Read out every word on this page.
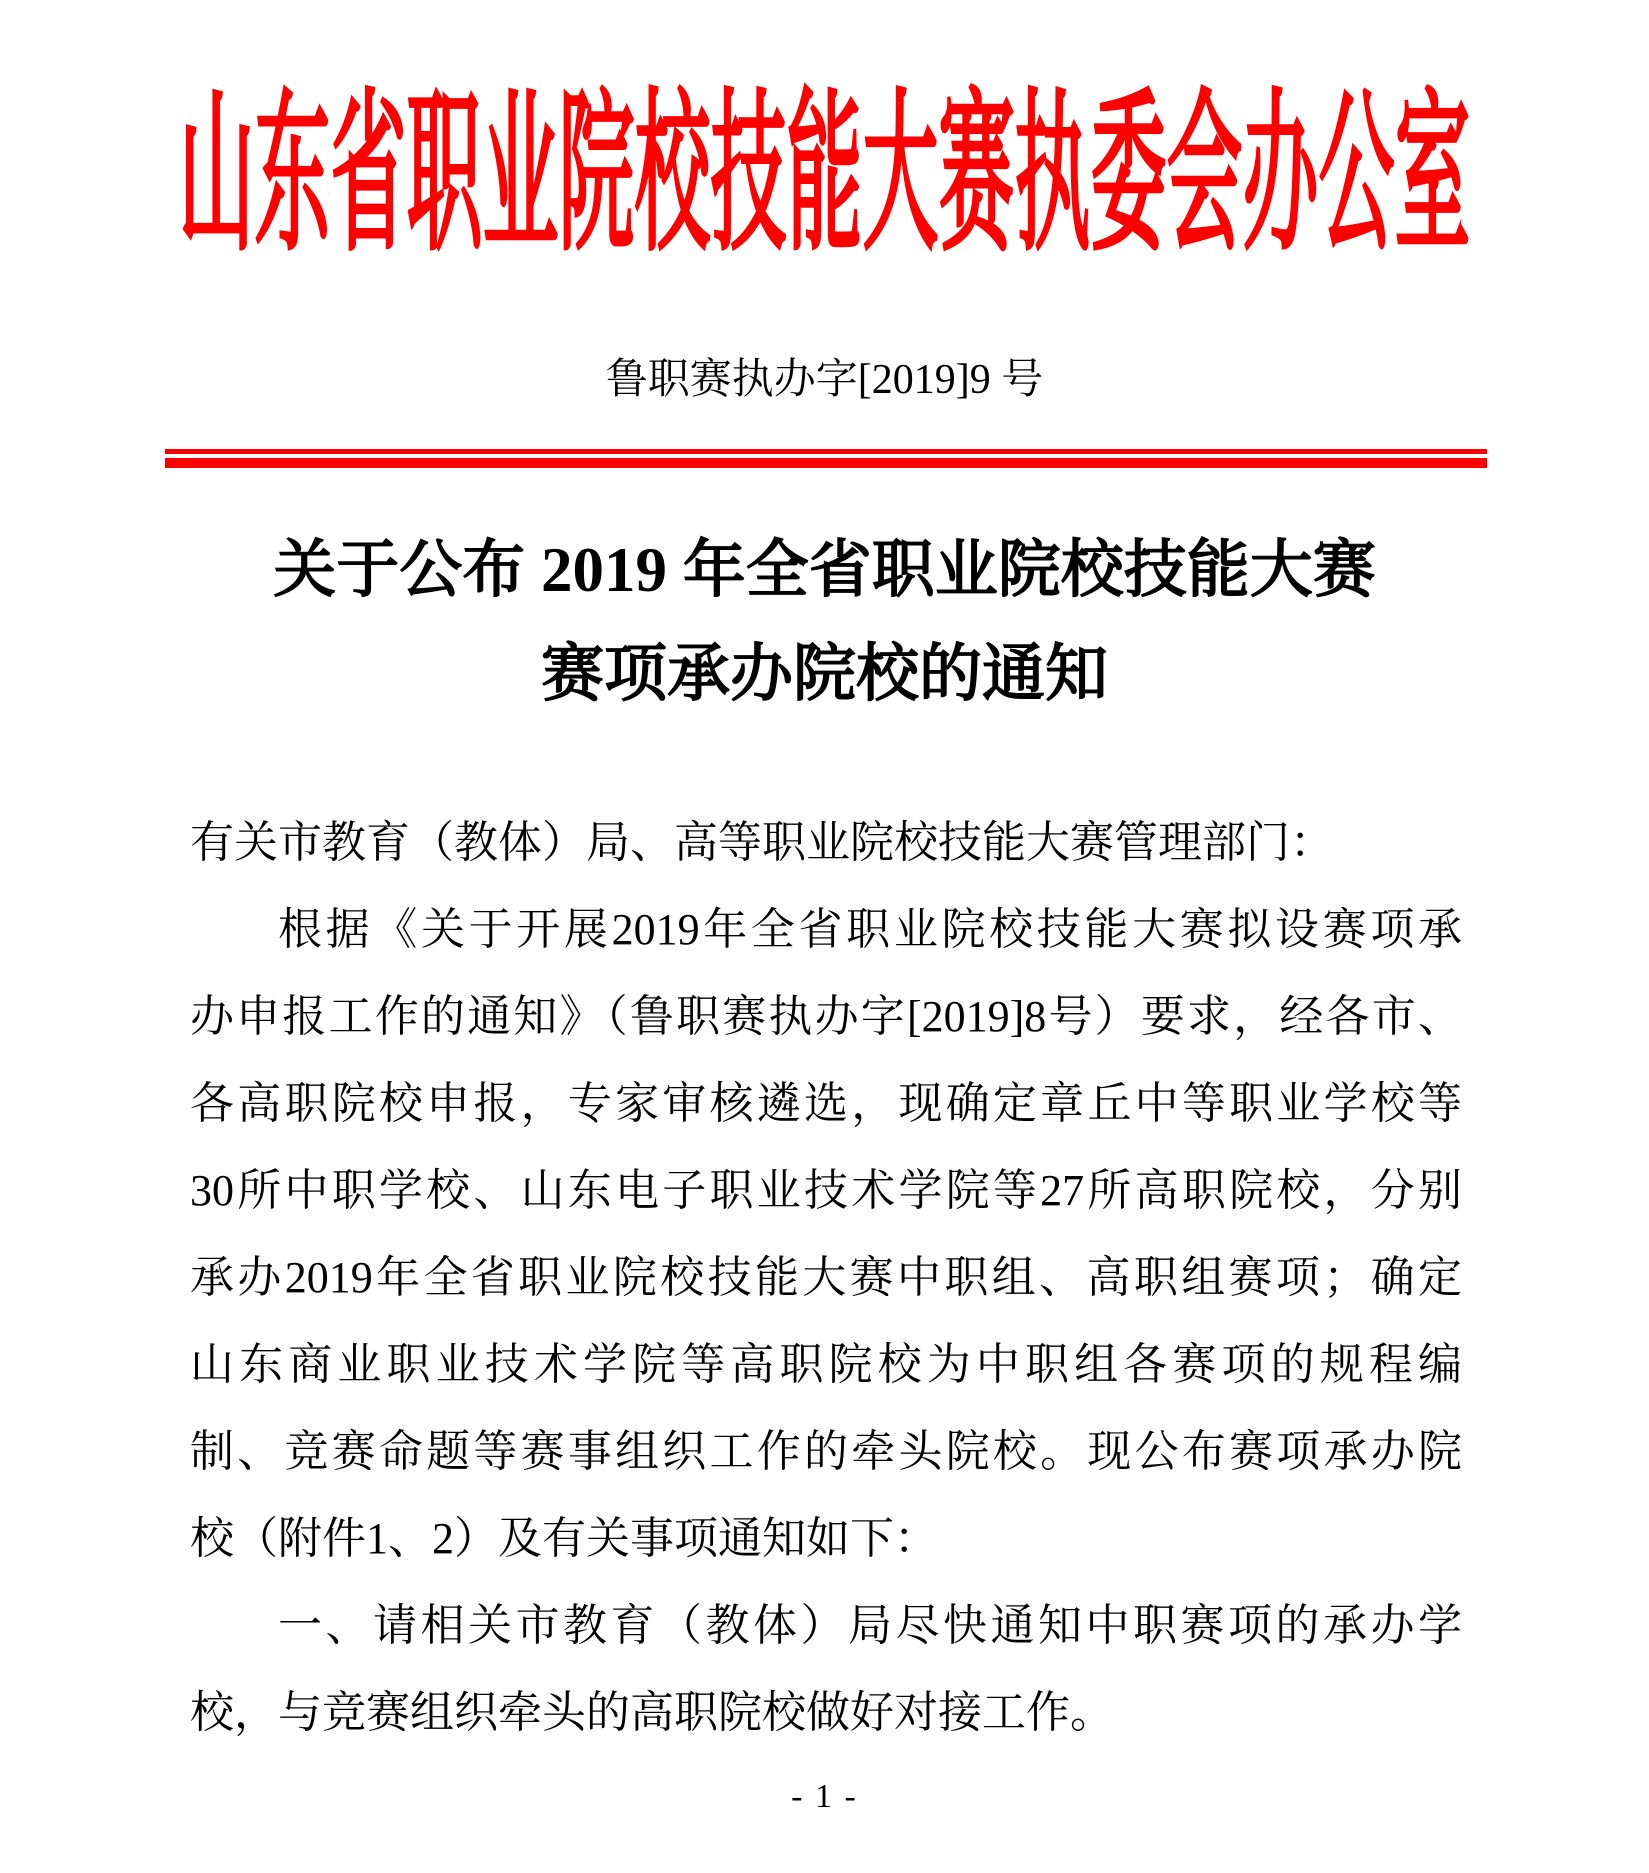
山东省职业院校技能大赛执委会办公室
鲁职赛执办字[2019]9 号
关于公布 2019 年全省职业院校技能大赛
赛项承办院校的通知
有关市教育（教体）局、高等职业院校技能大赛管理部门：
根据《关于开展2019年全省职业院校技能大赛拟设赛项承
办申报工作的通知》（鲁职赛执办字[2019]8号）要求，经各市、
各高职院校申报，专家审核遴选，现确定章丘中等职业学校等
30所中职学校、山东电子职业技术学院等27所高职院校，分别
承办2019年全省职业院校技能大赛中职组、高职组赛项；确定
山东商业职业技术学院等高职院校为中职组各赛项的规程编
制、竞赛命题等赛事组织工作的牵头院校。现公布赛项承办院
校（附件1、2）及有关事项通知如下：
一、请相关市教育（教体）局尽快通知中职赛项的承办学
校，与竞赛组织牵头的高职院校做好对接工作。
- 1 -
